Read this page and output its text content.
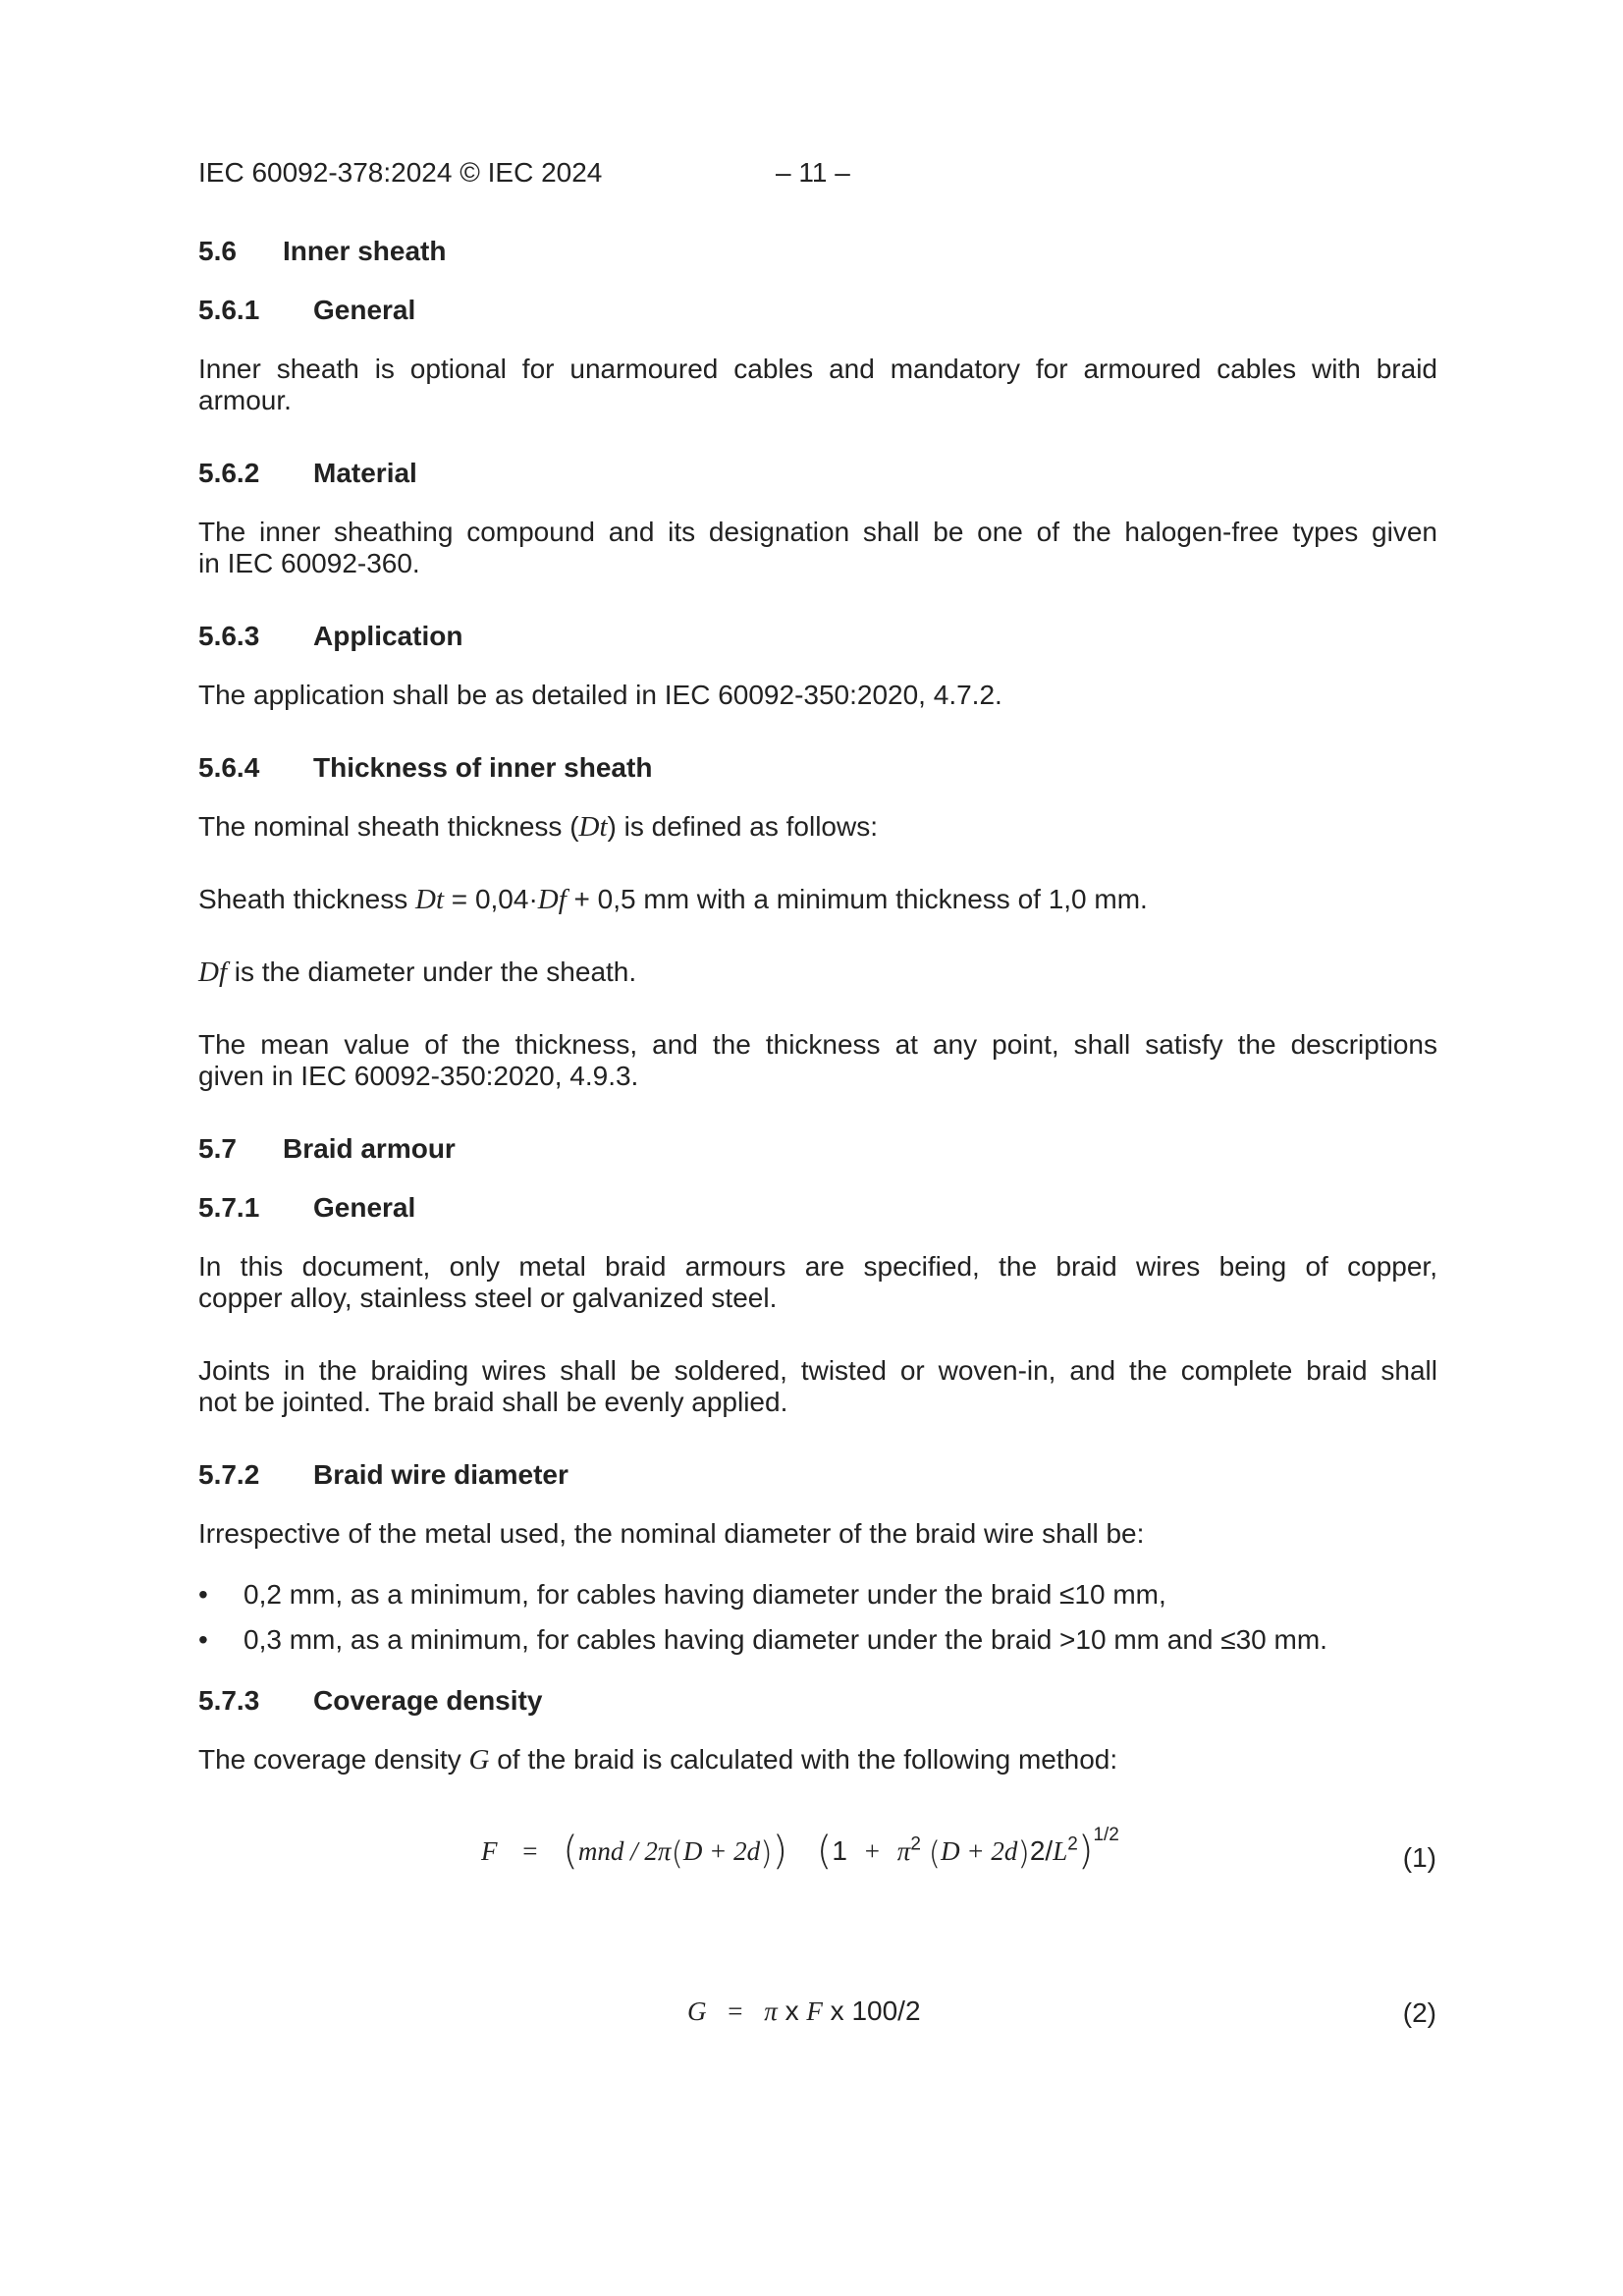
IEC 60092-378:2024 © IEC 2024	– 11 –
5.6 Inner sheath
5.6.1 General
Inner sheath is optional for unarmoured cables and mandatory for armoured cables with braid
armour.
5.6.2 Material
The inner sheathing compound and its designation shall be one of the halogen-free types given
in IEC 60092-360.
5.6.3 Application
The application shall be as detailed in IEC 60092-350:2020, 4.7.2.
5.6.4 Thickness of inner sheath
The nominal sheath thickness (Dt) is defined as follows:
Sheath thickness Dt = 0,04·Df + 0,5 mm with a minimum thickness of 1,0 mm.
Df is the diameter under the sheath.
The mean value of the thickness, and the thickness at any point, shall satisfy the descriptions
given in IEC 60092-350:2020, 4.9.3.
5.7 Braid armour
5.7.1 General
In this document, only metal braid armours are specified, the braid wires being of copper,
copper alloy, stainless steel or galvanized steel.
Joints in the braiding wires shall be soldered, twisted or woven-in, and the complete braid shall
not be jointed. The braid shall be evenly applied.
5.7.2 Braid wire diameter
Irrespective of the metal used, the nominal diameter of the braid wire shall be:
• 0,2 mm, as a minimum, for cables having diameter under the braid ≤10 mm,
• 0,3 mm, as a minimum, for cables having diameter under the braid >10 mm and ≤30 mm.
5.7.3 Coverage density
The coverage density G of the braid is calculated with the following method:
F = (mnd / 2π(D + 2d)) ($1 + \pi^2$ $(D + 2d)2/L^2)^{1/2}$
(1)
G = π x F x 100/2	(2)
